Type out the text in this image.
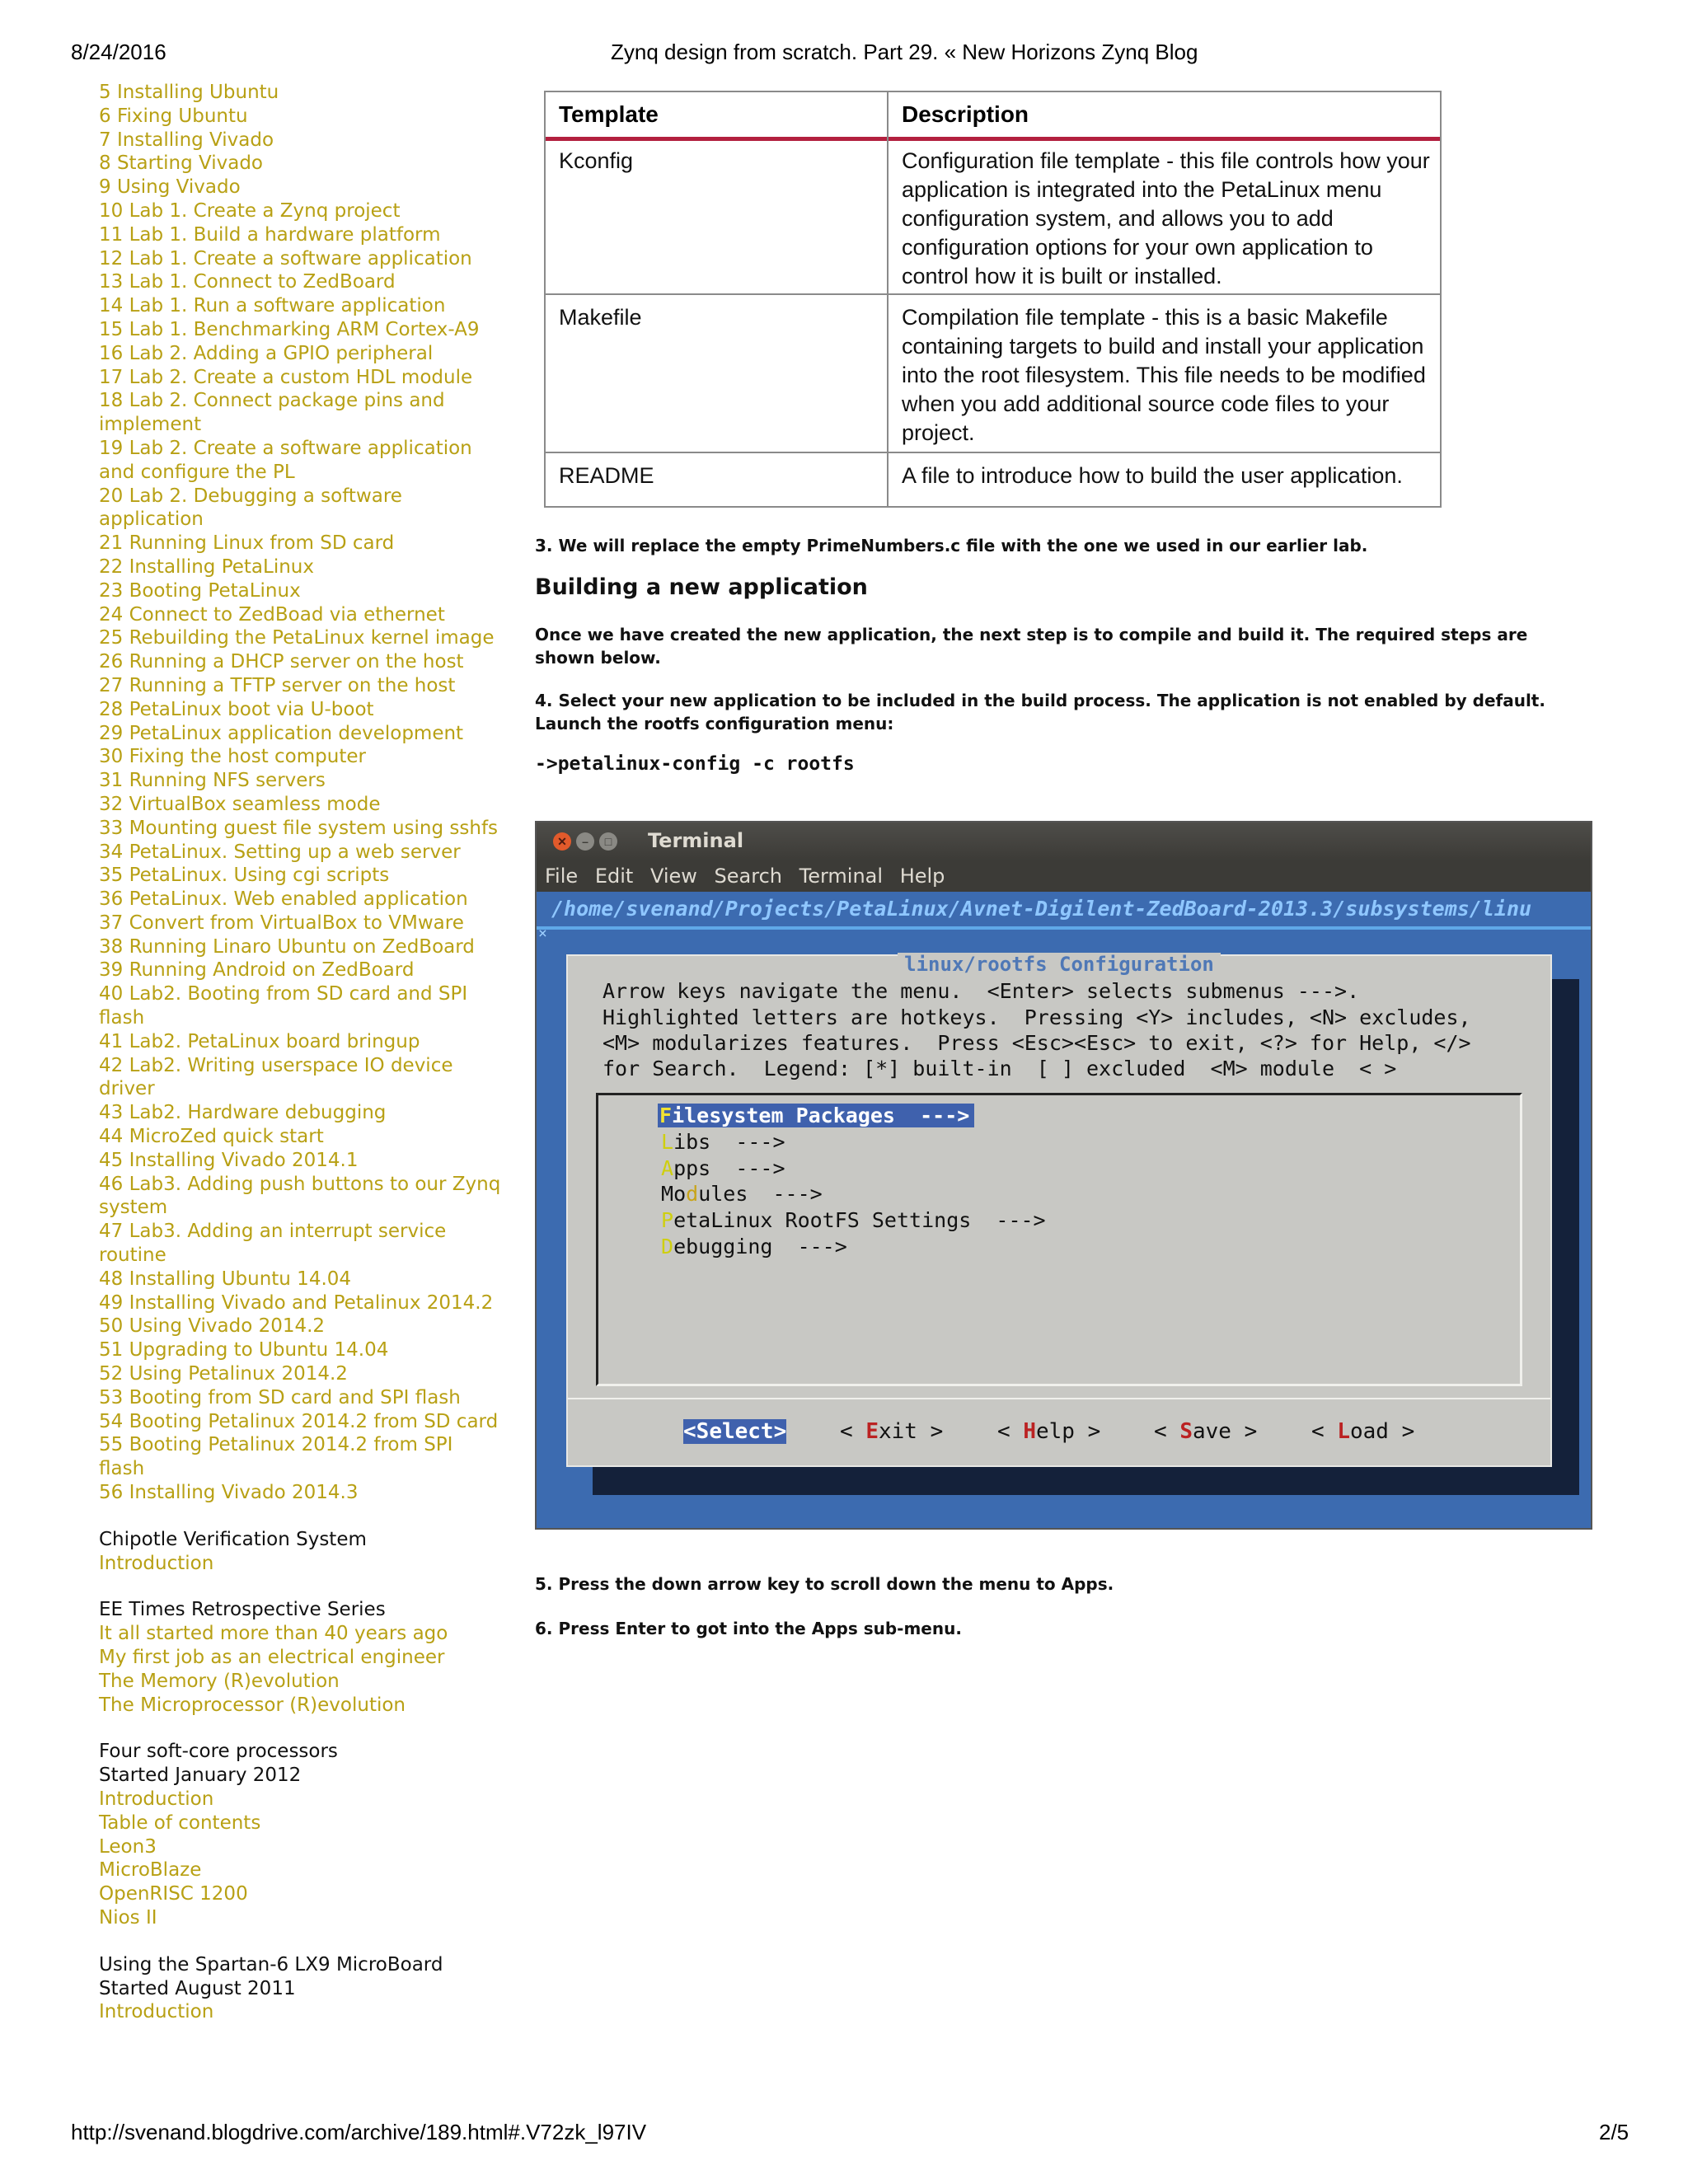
8/24/2016	Zynq design from scratch. Part 29. « New Horizons Zynq Blog
5 Installing Ubuntu
6 Fixing Ubuntu
7 Installing Vivado
8 Starting Vivado
9 Using Vivado
10 Lab 1. Create a Zynq project
11 Lab 1. Build a hardware platform
12 Lab 1. Create a software application
13 Lab 1. Connect to ZedBoard
14 Lab 1. Run a software application
15 Lab 1. Benchmarking ARM Cortex-A9
16 Lab 2. Adding a GPIO peripheral
17 Lab 2. Create a custom HDL module
18 Lab 2. Connect package pins and implement
19 Lab 2. Create a software application and configure the PL
20 Lab 2. Debugging a software application
21 Running Linux from SD card
22 Installing PetaLinux
23 Booting PetaLinux
24 Connect to ZedBoad via ethernet
25 Rebuilding the PetaLinux kernel image
26 Running a DHCP server on the host
27 Running a TFTP server on the host
28 PetaLinux boot via U-boot
29 PetaLinux application development
30 Fixing the host computer
31 Running NFS servers
32 VirtualBox seamless mode
33 Mounting guest file system using sshfs
34 PetaLinux. Setting up a web server
35 PetaLinux. Using cgi scripts
36 PetaLinux. Web enabled application
37 Convert from VirtualBox to VMware
38 Running Linaro Ubuntu on ZedBoard
39 Running Android on ZedBoard
40 Lab2. Booting from SD card and SPI flash
41 Lab2. PetaLinux board bringup
42 Lab2. Writing userspace IO device driver
43 Lab2. Hardware debugging
44 MicroZed quick start
45 Installing Vivado 2014.1
46 Lab3. Adding push buttons to our Zynq system
47 Lab3. Adding an interrupt service routine
48 Installing Ubuntu 14.04
49 Installing Vivado and Petalinux 2014.2
50 Using Vivado 2014.2
51 Upgrading to Ubuntu 14.04
52 Using Petalinux 2014.2
53 Booting from SD card and SPI flash
54 Booting Petalinux 2014.2 from SD card
55 Booting Petalinux 2014.2 from SPI flash
56 Installing Vivado 2014.3
Chipotle Verification System
Introduction
EE Times Retrospective Series
It all started more than 40 years ago
My first job as an electrical engineer
The Memory (R)evolution
The Microprocessor (R)evolution
Four soft-core processors
Started January 2012
Introduction
Table of contents
Leon3
MicroBlaze
OpenRISC 1200
Nios II
Using the Spartan-6 LX9 MicroBoard
Started August 2011
Introduction
Template	Description
Kconfig	Configuration file template - this file controls how your application is integrated into the PetaLinux menu configuration system, and allows you to add configuration options for your own application to control how it is built or installed.
Makefile	Compilation file template - this is a basic Makefile containing targets to build and install your application into the root filesystem. This file needs to be modified when you add additional source code files to your project.
README	A file to introduce how to build the user application.
3. We will replace the empty PrimeNumbers.c file with the one we used in our earlier lab.
Building a new application
Once we have created the new application, the next step is to compile and build it. The required steps are shown below.
4. Select your new application to be included in the build process. The application is not enabled by default. Launch the rootfs configuration menu:
->petalinux-config -c rootfs
✕	–	□ Terminal
File Edit View Search Terminal Help
/home/svenand/Projects/PetaLinux/Avnet-Digilent-ZedBoard-2013.3/subsystems/linu
×
linux/rootfs Configuration
Arrow keys navigate the menu.  <Enter> selects submenus --->.
Highlighted letters are hotkeys.  Pressing <Y> includes, <N> excludes,
<M> modularizes features.  Press <Esc><Esc> to exit, <?> for Help, </>
for Search.  Legend: [*] built-in  [ ] excluded  <M> module  < >
Filesystem Packages  --->
Libs  --->
Apps  --->
Modules  --->
PetaLinux RootFS Settings  --->
Debugging  --->
<Select> < Exit >	< Help > < Save >	< Load >
5. Press the down arrow key to scroll down the menu to Apps.
6. Press Enter to got into the Apps sub-menu.
http://svenand.blogdrive.com/archive/189.html#.V72zk_l97IV	2/5
